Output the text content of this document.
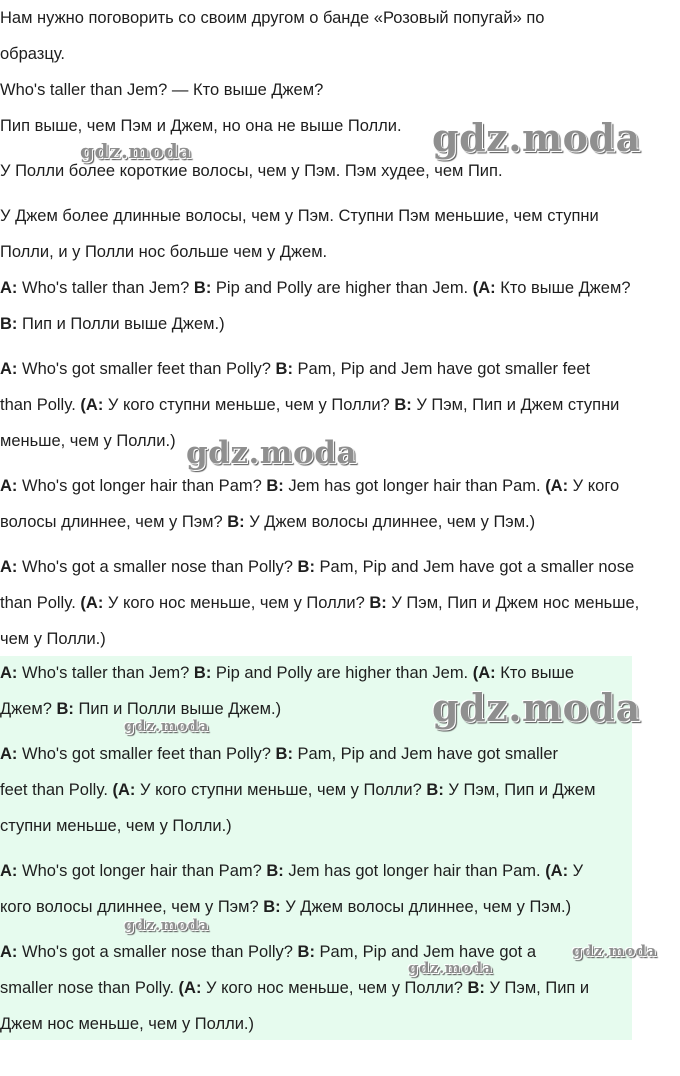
Нам нужно поговорить со своим другом о банде «Розовый попугай» по
образцу.
Who's taller than Jem? — Кто выше Джем?
Пип выше, чем Пэм и Джем, но она не выше Полли.
У Полли более короткие волосы, чем у Пэм. Пэм худее, чем Пип.
У Джем более длинные волосы, чем у Пэм. Ступни Пэм меньшие, чем ступни
Полли, и у Полли нос больше чем у Джем.
A: Who's taller than Jem? B: Pip and Polly are higher than Jem. (A: Кто выше Джем?
B: Пип и Полли выше Джем.)
A: Who's got smaller feet than Polly? B: Pam, Pip and Jem have got smaller feet
than Polly. (A: У кого ступни меньше, чем у Полли? B: У Пэм, Пип и Джем ступни
меньше, чем у Полли.)
A: Who's got longer hair than Pam? B: Jem has got longer hair than Pam. (A: У кого
волосы длиннее, чем у Пэм? B: У Джем волосы длиннее, чем у Пэм.)
A: Who's got a smaller nose than Polly? B: Pam, Pip and Jem have got a smaller nose
than Polly. (A: У кого нос меньше, чем у Полли? B: У Пэм, Пип и Джем нос меньше,
чем у Полли.)
A: Who's taller than Jem? B: Pip and Polly are higher than Jem. (A: Кто выше
Джем? B: Пип и Полли выше Джем.)
A: Who's got smaller feet than Polly? B: Pam, Pip and Jem have got smaller
feet than Polly. (A: У кого ступни меньше, чем у Полли? B: У Пэм, Пип и Джем
ступни меньше, чем у Полли.)
A: Who's got longer hair than Pam? B: Jem has got longer hair than Pam. (A: У
кого волосы длиннее, чем у Пэм? B: У Джем волосы длиннее, чем у Пэм.)
A: Who's got a smaller nose than Polly? B: Pam, Pip and Jem have got a
smaller nose than Polly. (A: У кого нос меньше, чем у Полли? B: У Пэм, Пип и
Джем нос меньше, чем у Полли.)
gdz.moda
gdz.moda
gdz.moda
gdz.moda
gdz.moda
gdz.moda
gdz.moda
gdz.moda
